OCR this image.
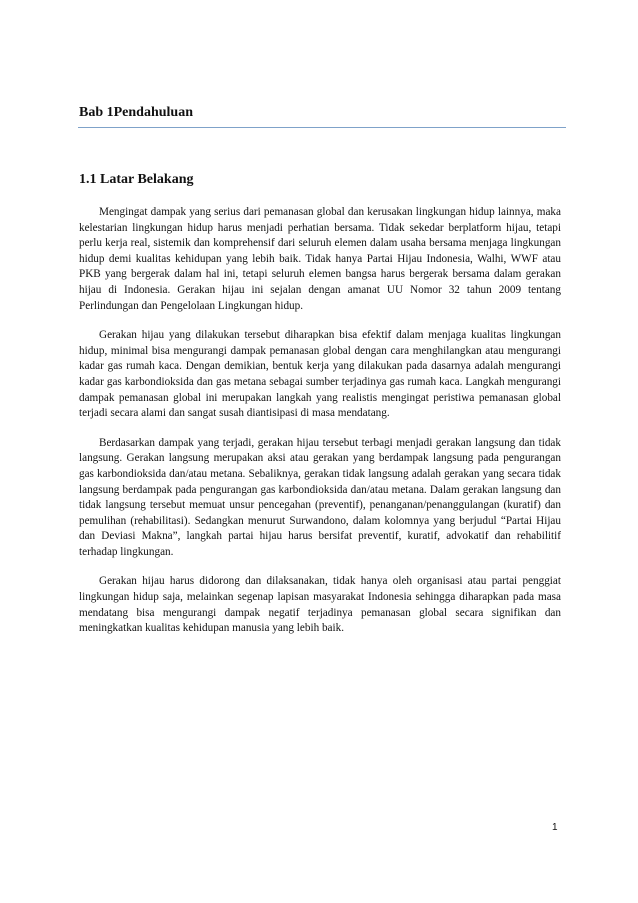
Bab 1Pendahuluan
1.1 Latar Belakang

Mengingat dampak yang serius dari pemanasan global dan kerusakan lingkungan hidup lainnya, maka kelestarian lingkungan hidup harus menjadi perhatian bersama. Tidak sekedar berplatform hijau, tetapi perlu kerja real, sistemik dan komprehensif dari seluruh elemen dalam usaha bersama menjaga lingkungan hidup demi kualitas kehidupan yang lebih baik. Tidak hanya Partai Hijau Indonesia, Walhi, WWF atau PKB yang bergerak dalam hal ini, tetapi seluruh elemen bangsa harus bergerak bersama dalam gerakan hijau di Indonesia. Gerakan hijau ini sejalan dengan amanat UU Nomor 32 tahun 2009 tentang Perlindungan dan Pengelolaan Lingkungan hidup.

Gerakan hijau yang dilakukan tersebut diharapkan bisa efektif dalam menjaga kualitas lingkungan hidup, minimal bisa mengurangi dampak pemanasan global dengan cara menghilangkan atau mengurangi kadar gas rumah kaca. Dengan demikian, bentuk kerja yang dilakukan pada dasarnya adalah mengurangi kadar gas karbondioksida dan gas metana sebagai sumber terjadinya gas rumah kaca. Langkah mengurangi dampak pemanasan global ini merupakan langkah yang realistis mengingat peristiwa pemanasan global terjadi secara alami dan sangat susah diantisipasi di masa mendatang.

Berdasarkan dampak yang terjadi, gerakan hijau tersebut terbagi menjadi gerakan langsung dan tidak langsung. Gerakan langsung merupakan aksi atau gerakan yang berdampak langsung pada pengurangan gas karbondioksida dan/atau metana. Sebaliknya, gerakan tidak langsung adalah gerakan yang secara tidak langsung berdampak pada pengurangan gas karbondioksida dan/atau metana. Dalam gerakan langsung dan tidak langsung tersebut memuat unsur pencegahan (preventif), penanganan/penanggulangan (kuratif) dan pemulihan (rehabilitasi). Sedangkan menurut Surwandono, dalam kolomnya yang berjudul “Partai Hijau dan Deviasi Makna”, langkah partai hijau harus bersifat preventif, kuratif, advokatif dan rehabilitif terhadap lingkungan.

Gerakan hijau harus didorong dan dilaksanakan, tidak hanya oleh organisasi atau partai penggiat lingkungan hidup saja, melainkan segenap lapisan masyarakat Indonesia sehingga diharapkan pada masa mendatang bisa mengurangi dampak negatif terjadinya pemanasan global secara signifikan dan meningkatkan kualitas kehidupan manusia yang lebih baik.

1
